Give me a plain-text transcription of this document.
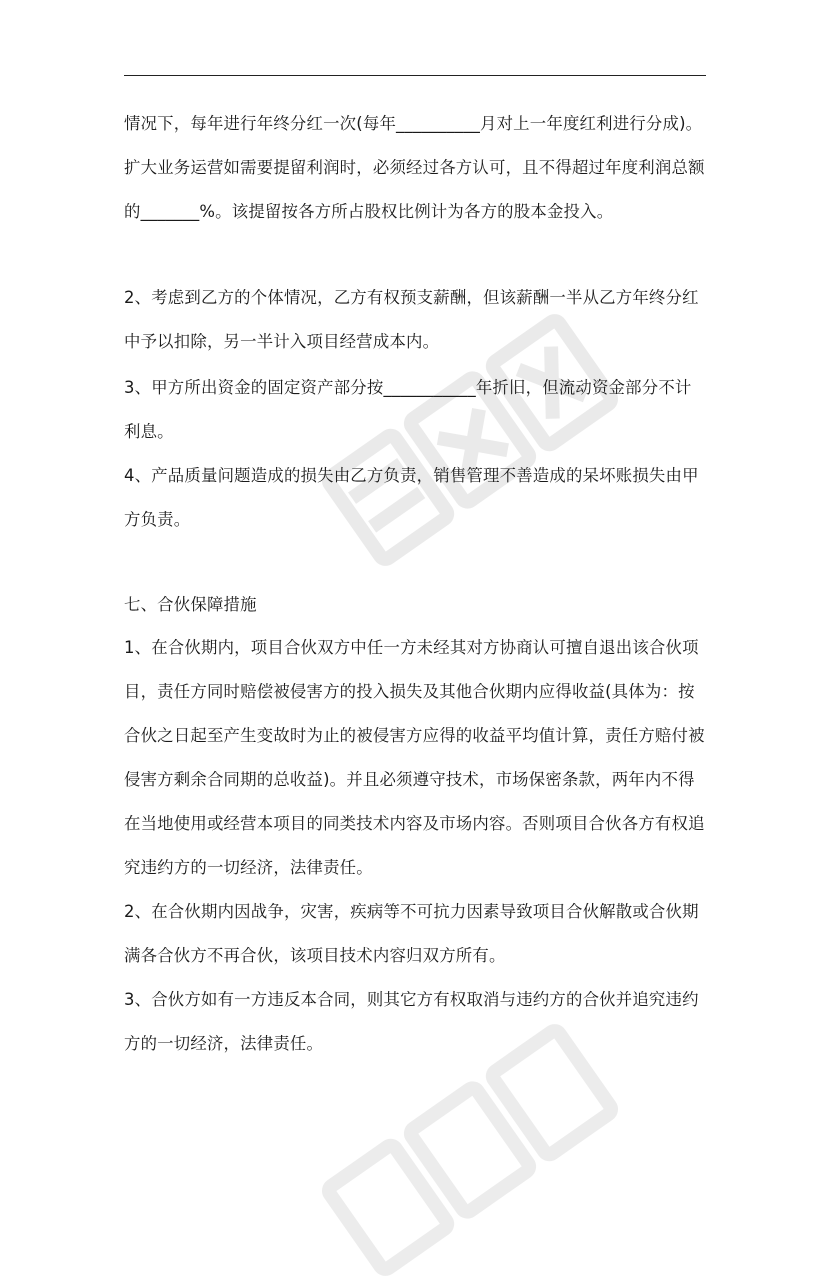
情况下，每年进行年终分红一次(每年__________月对上一年度红利进行分成)。
扩大业务运营如需要提留利润时，必须经过各方认可，且不得超过年度利润总额
的_______%。该提留按各方所占股权比例计为各方的股本金投入。
2、考虑到乙方的个体情况，乙方有权预支薪酬，但该薪酬一半从乙方年终分红
中予以扣除，另一半计入项目经营成本内。
3、甲方所出资金的固定资产部分按___________年折旧，但流动资金部分不计
利息。
4、产品质量问题造成的损失由乙方负责，销售管理不善造成的呆坏账损失由甲
方负责。
七、合伙保障措施
1、在合伙期内，项目合伙双方中任一方未经其对方协商认可擅自退出该合伙项
目，责任方同时赔偿被侵害方的投入损失及其他合伙期内应得收益(具体为：按
合伙之日起至产生变故时为止的被侵害方应得的收益平均值计算，责任方赔付被
侵害方剩余合同期的总收益)。并且必须遵守技术，市场保密条款，两年内不得
在当地使用或经营本项目的同类技术内容及市场内容。否则项目合伙各方有权追
究违约方的一切经济，法律责任。
2、在合伙期内因战争，灾害，疾病等不可抗力因素导致项目合伙解散或合伙期
满各合伙方不再合伙，该项目技术内容归双方所有。
3、合伙方如有一方违反本合同，则其它方有权取消与违约方的合伙并追究违约
方的一切经济，法律责任。
